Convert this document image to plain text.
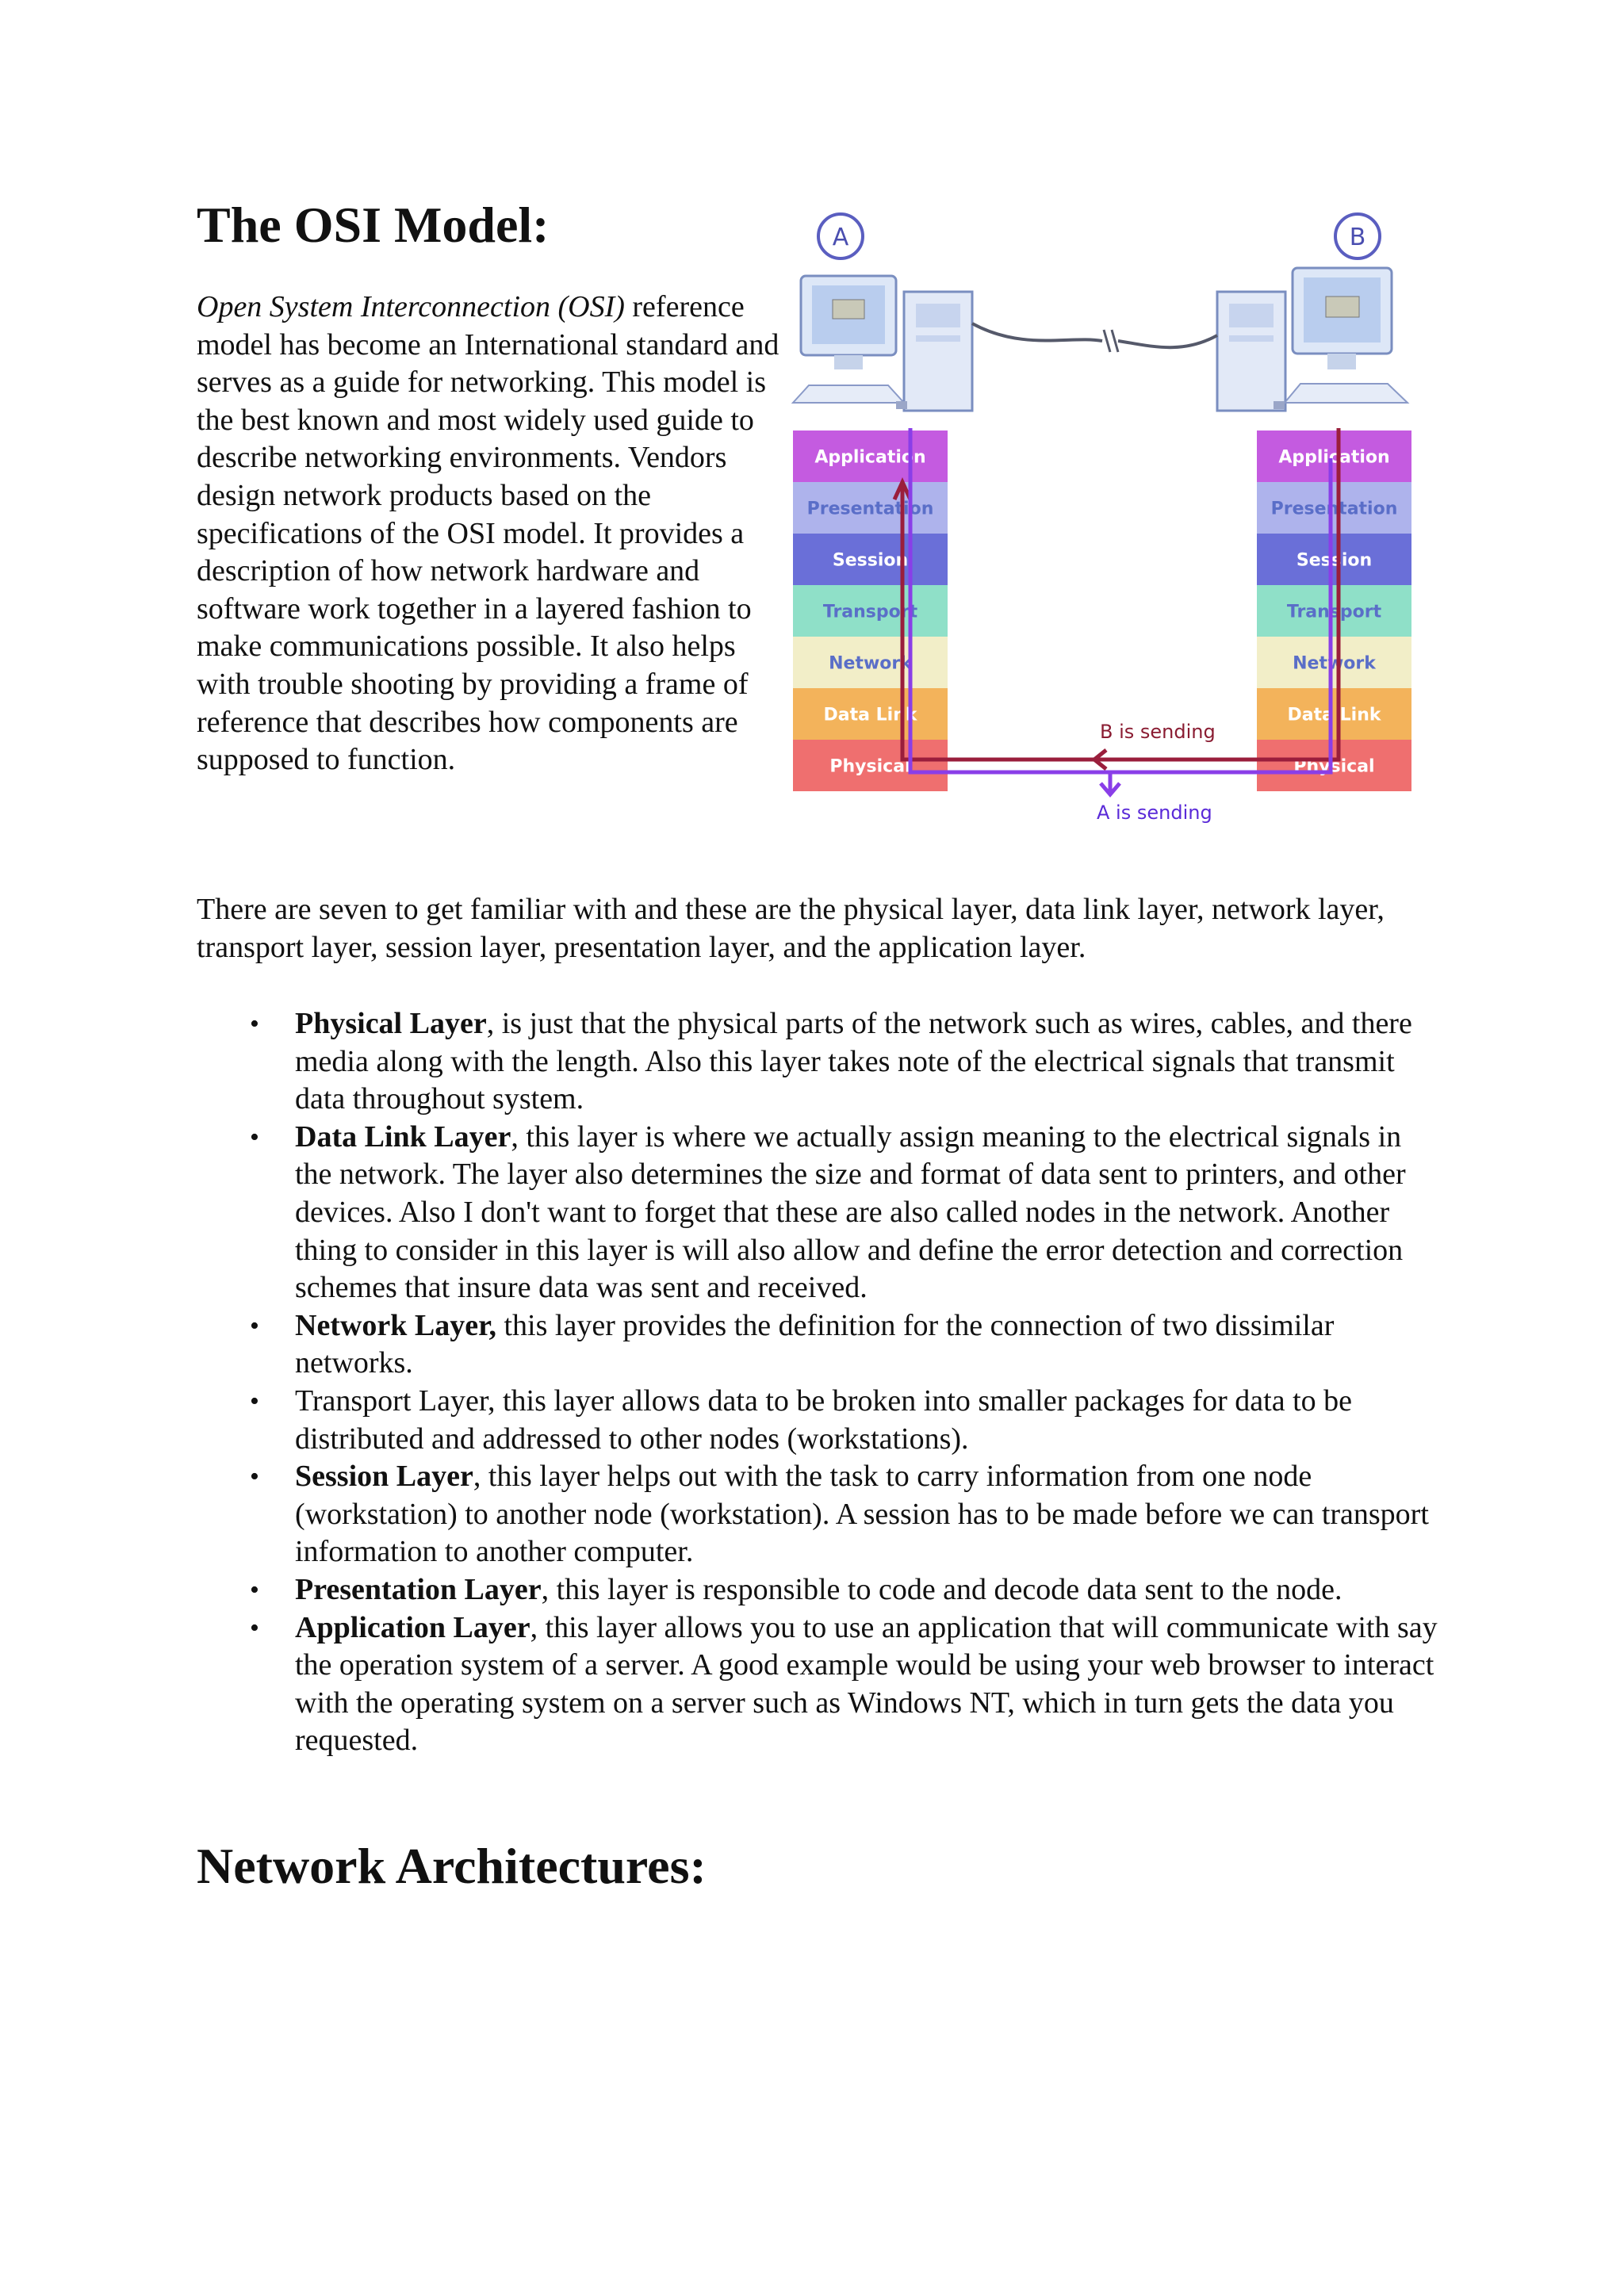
The OSI Model:

Open System Interconnection (OSI) reference model has become an International standard and serves as a guide for networking. This model is the best known and most widely used guide to describe networking environments. Vendors design network products based on the specifications of the OSI model. It provides a description of how network hardware and software work together in a layered fashion to make communications possible. It also helps with trouble shooting by providing a frame of reference that describes how components are supposed to function.

A	B
Application
Presentation
Session
Transport
Network
Data Link
Physical
Application
Presentation
Session
Transport
Network
Data Link
Physical
B is sending
A is sending

There are seven to get familiar with and these are the physical layer, data link layer, network layer, transport layer, session layer, presentation layer, and the application layer.

• Physical Layer, is just that the physical parts of the network such as wires, cables, and there media along with the length. Also this layer takes note of the electrical signals that transmit data throughout system.
• Data Link Layer, this layer is where we actually assign meaning to the electrical signals in the network. The layer also determines the size and format of data sent to printers, and other devices. Also I don't want to forget that these are also called nodes in the network. Another thing to consider in this layer is will also allow and define the error detection and correction schemes that insure data was sent and received.
• Network Layer, this layer provides the definition for the connection of two dissimilar networks.
• Transport Layer, this layer allows data to be broken into smaller packages for data to be distributed and addressed to other nodes (workstations).
• Session Layer, this layer helps out with the task to carry information from one node (workstation) to another node (workstation). A session has to be made before we can transport information to another computer.
• Presentation Layer, this layer is responsible to code and decode data sent to the node.
• Application Layer, this layer allows you to use an application that will communicate with say the operation system of a server. A good example would be using your web browser to interact with the operating system on a server such as Windows NT, which in turn gets the data you requested.
Network Architectures:
